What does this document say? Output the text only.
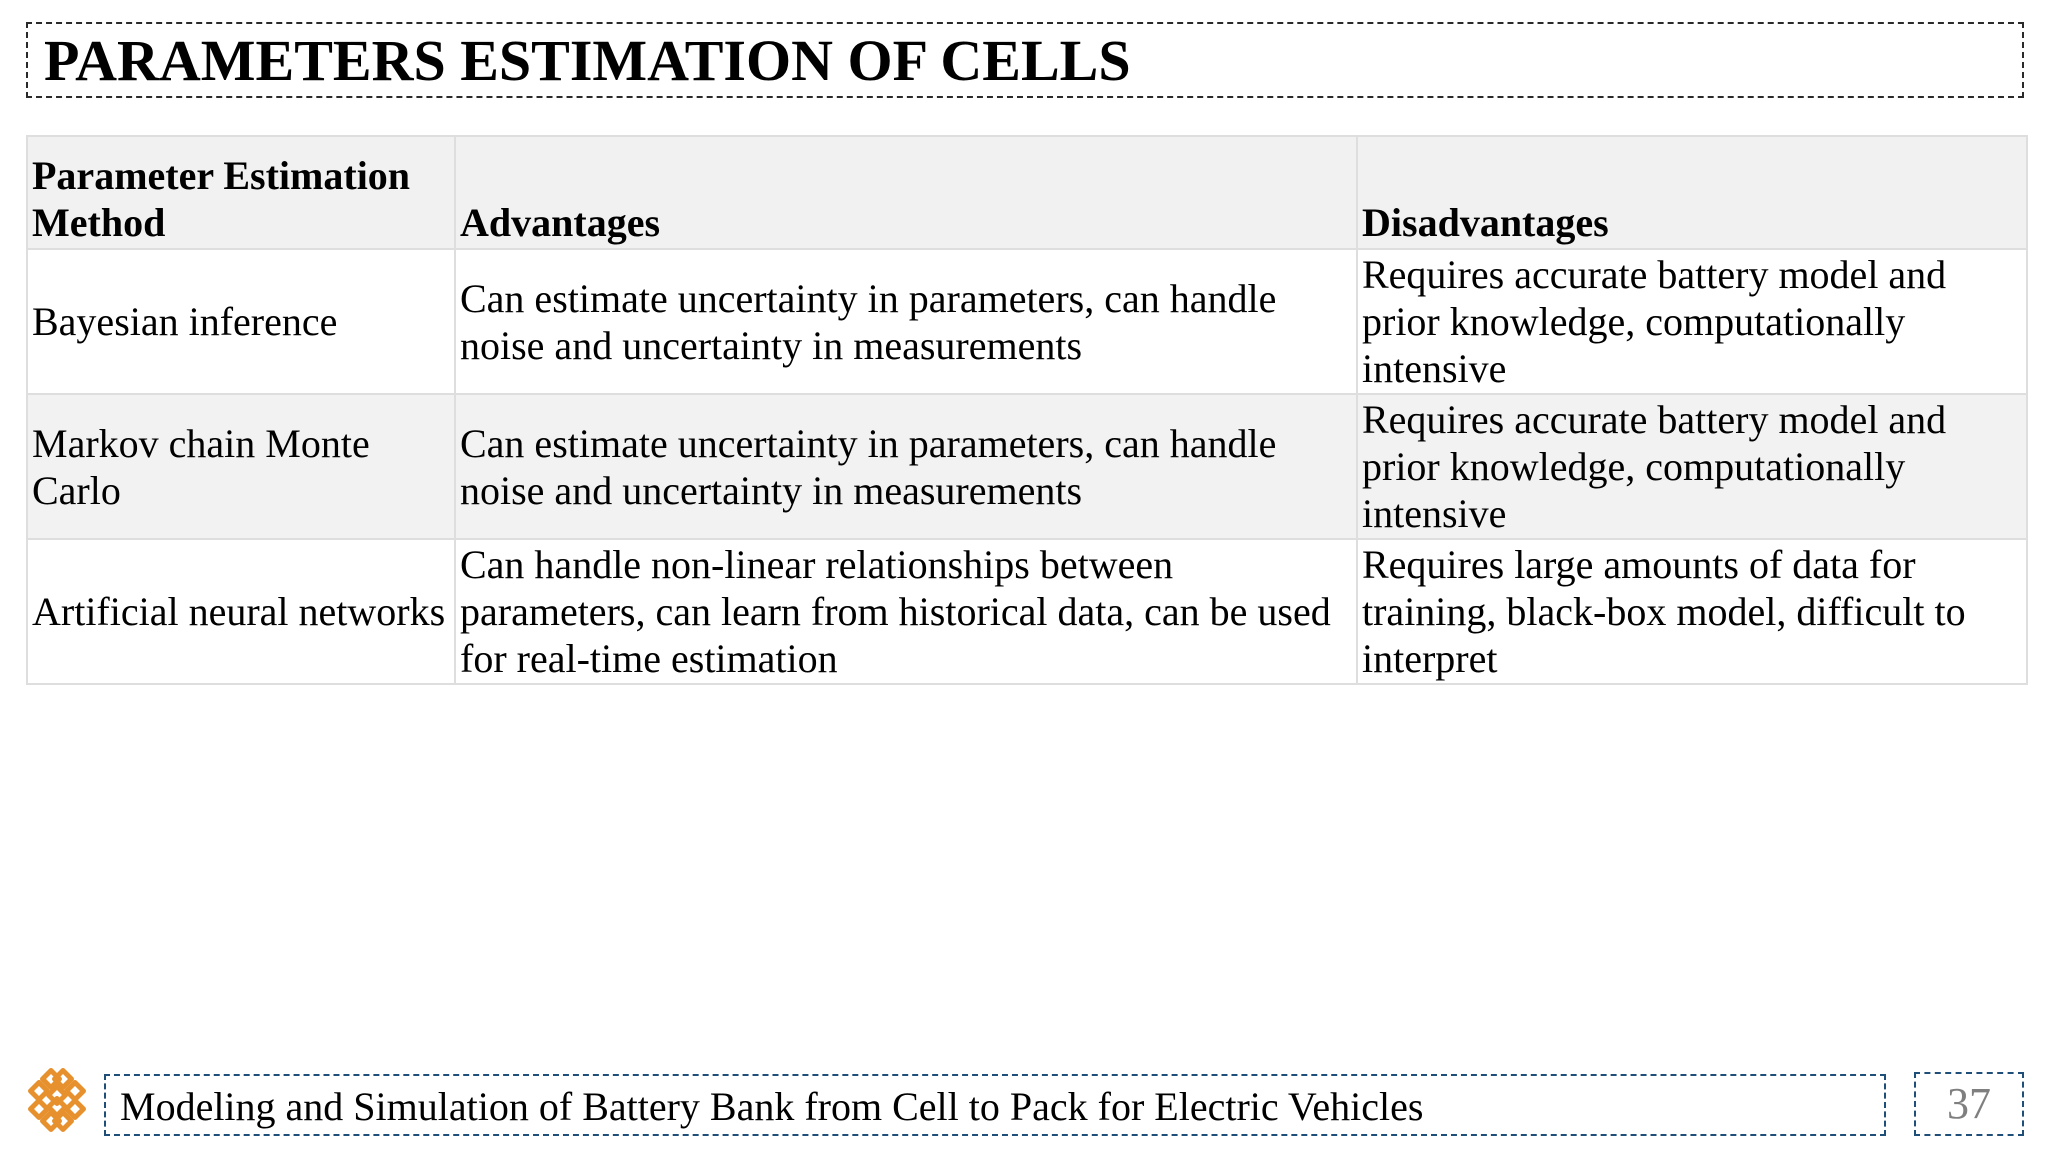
PARAMETERS ESTIMATION OF CELLS
Parameter Estimation Method	Advantages	Disadvantages
Bayesian inference	Can estimate uncertainty in parameters, can handle noise and uncertainty in measurements	Requires accurate battery model and prior knowledge, computationally intensive
Markov chain Monte Carlo	Can estimate uncertainty in parameters, can handle noise and uncertainty in measurements	Requires accurate battery model and prior knowledge, computationally intensive
Artificial neural networks	Can handle non-linear relationships between parameters, can learn from historical data, can be used for real-time estimation	Requires large amounts of data for training, black-box model, difficult to interpret
Modeling and Simulation of Battery Bank from Cell to Pack for Electric Vehicles	37
